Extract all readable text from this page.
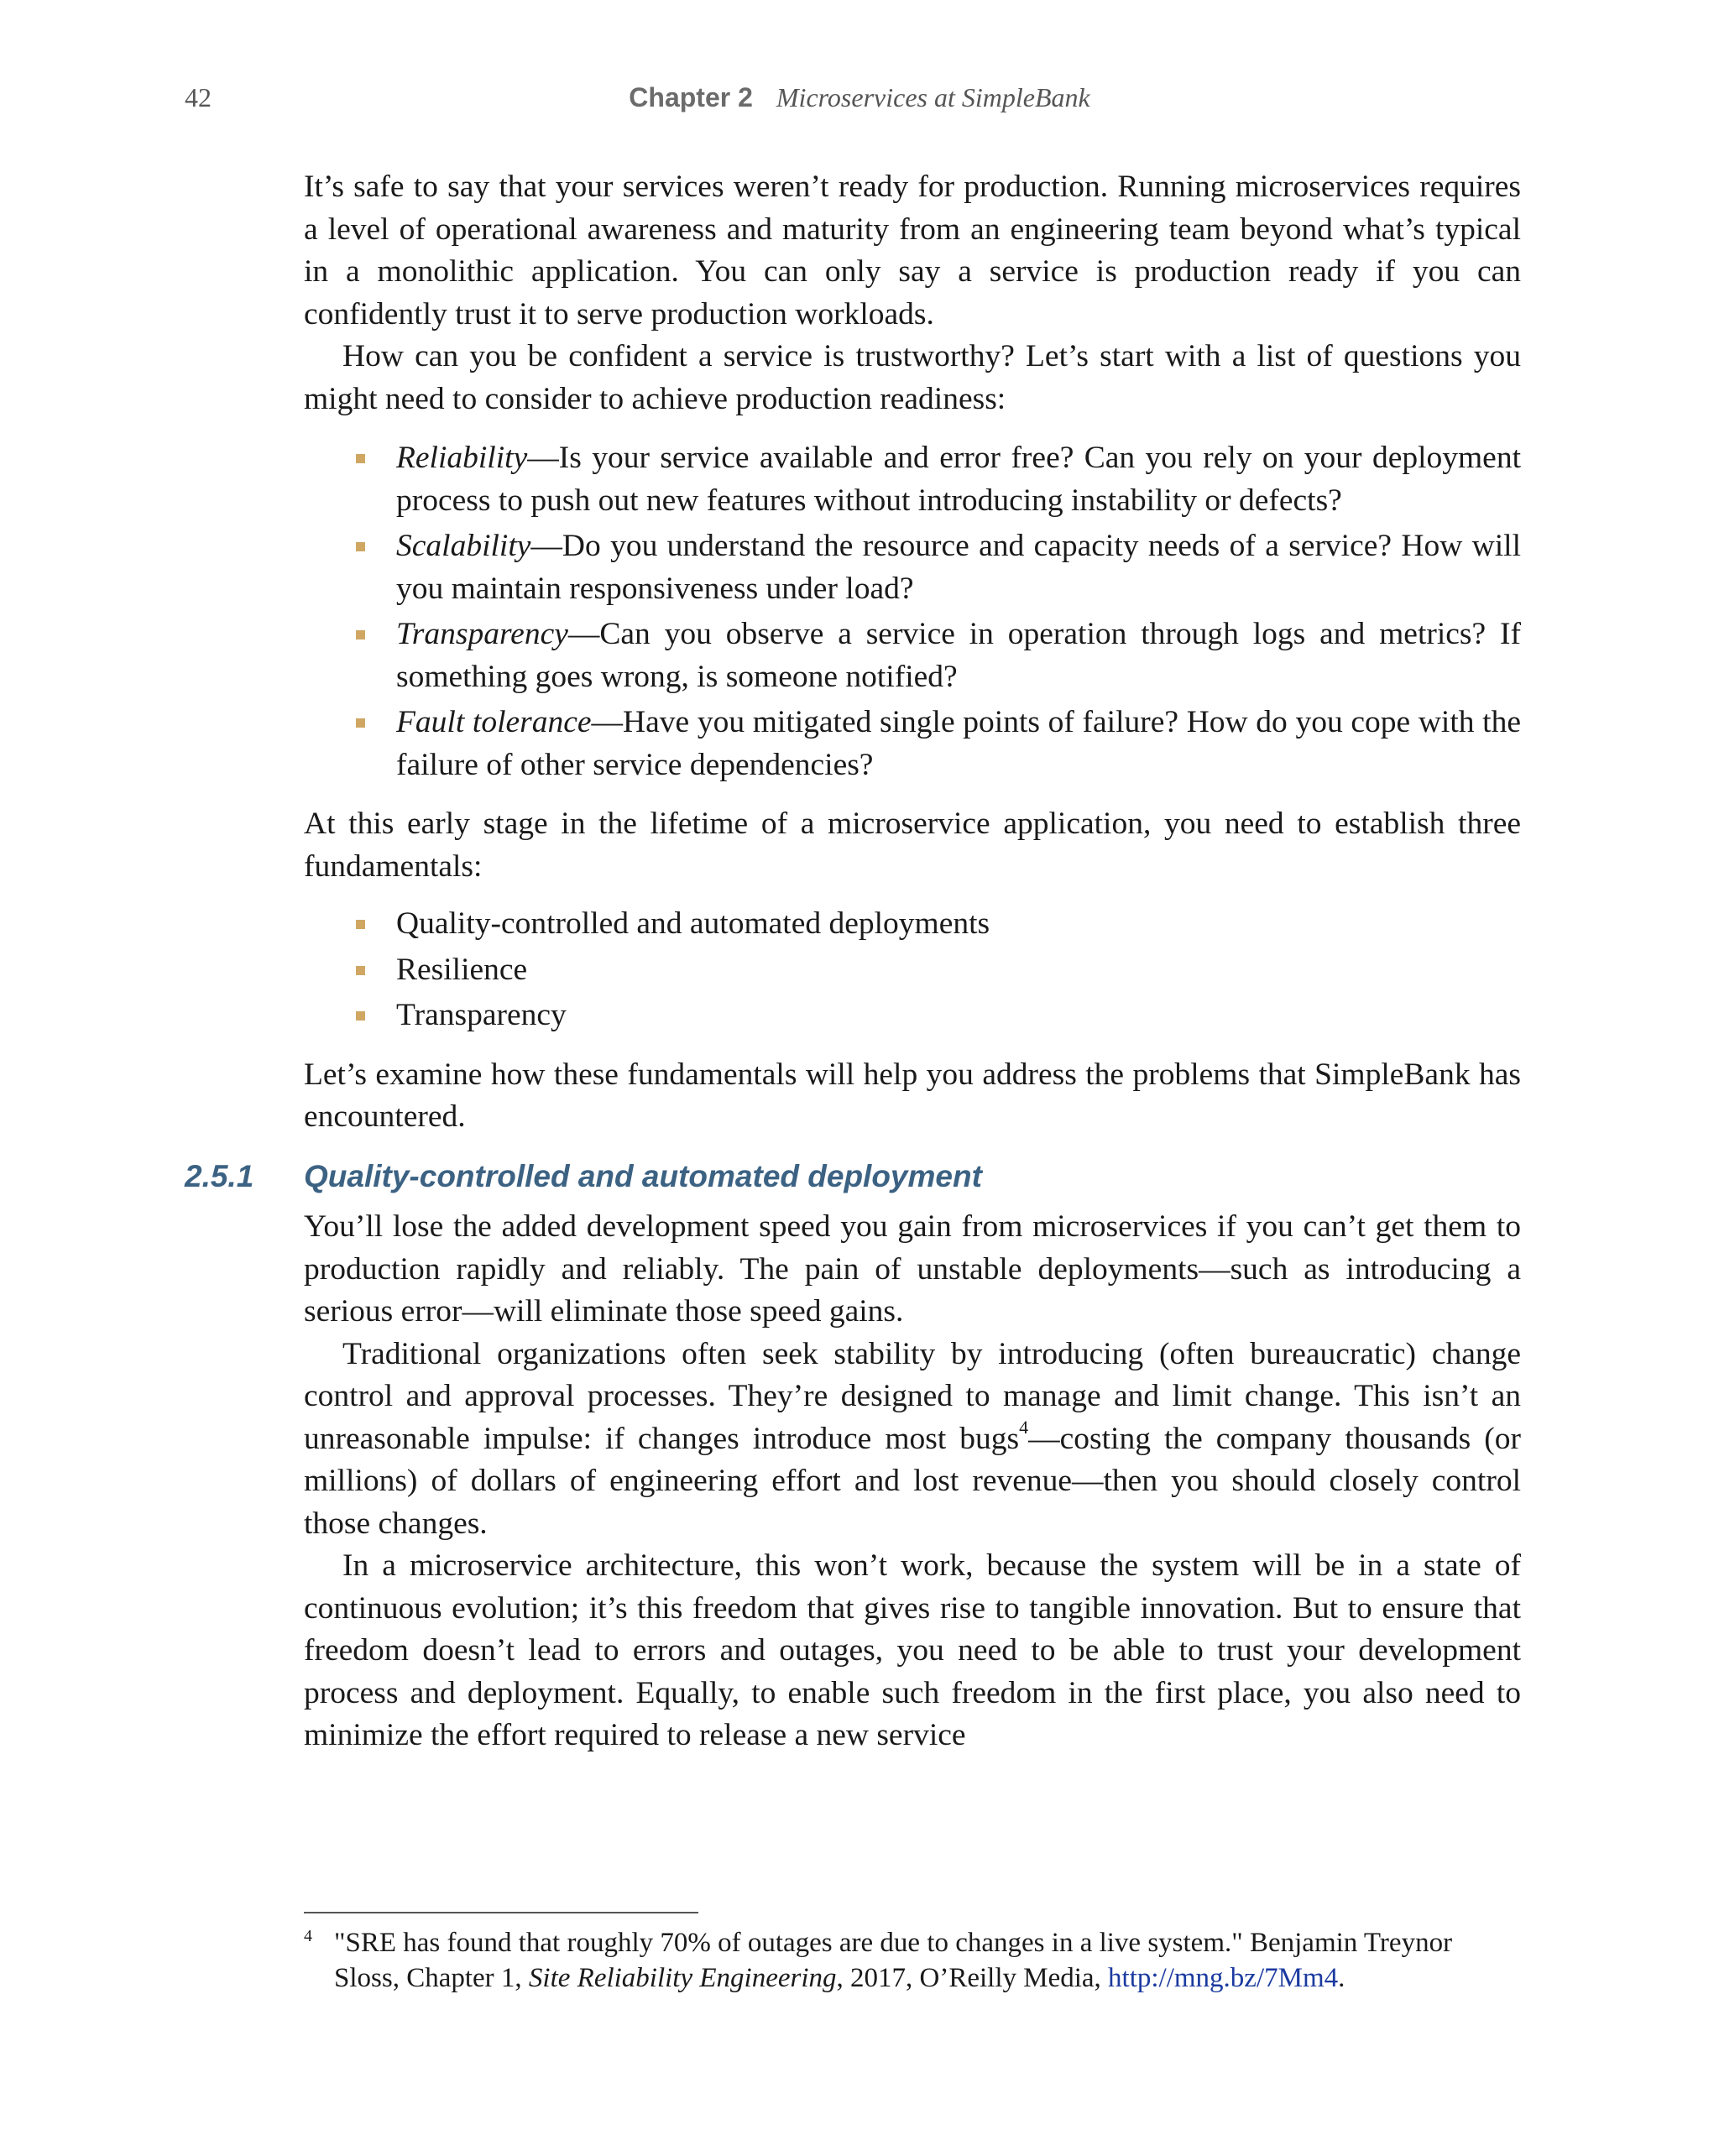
42	Chapter 2 Microservices at SimpleBank

It’s safe to say that your services weren’t ready for production. Running microservices requires a level of operational awareness and maturity from an engineering team beyond what’s typical in a monolithic application. You can only say a service is production ready if you can confidently trust it to serve production workloads.

How can you be confident a service is trustworthy? Let’s start with a list of questions you might need to consider to achieve production readiness:

Reliability—Is your service available and error free? Can you rely on your deployment process to push out new features without introducing instability or defects?
Scalability—Do you understand the resource and capacity needs of a service? How will you maintain responsiveness under load?
Transparency—Can you observe a service in operation through logs and metrics? If something goes wrong, is someone notified?
Fault tolerance—Have you mitigated single points of failure? How do you cope with the failure of other service dependencies?

At this early stage in the lifetime of a microservice application, you need to establish three fundamentals:

Quality-controlled and automated deployments
Resilience
Transparency

Let’s examine how these fundamentals will help you address the problems that SimpleBank has encountered.

2.5.1 Quality-controlled and automated deployment

You’ll lose the added development speed you gain from microservices if you can’t get them to production rapidly and reliably. The pain of unstable deployments—such as introducing a serious error—will eliminate those speed gains.

Traditional organizations often seek stability by introducing (often bureaucratic) change control and approval processes. They’re designed to manage and limit change. This isn’t an unreasonable impulse: if changes introduce most bugs$^4$—costing the company thousands (or millions) of dollars of engineering effort and lost revenue—then you should closely control those changes.

In a microservice architecture, this won’t work, because the system will be in a state of continuous evolution; it’s this freedom that gives rise to tangible innovation. But to ensure that freedom doesn’t lead to errors and outages, you need to be able to trust your development process and deployment. Equally, to enable such freedom in the first place, you also need to minimize the effort required to release a new service

4 "SRE has found that roughly 70% of outages are due to changes in a live system." Benjamin Treynor Sloss, Chapter 1, Site Reliability Engineering, 2017, O’Reilly Media, http://mng.bz/7Mm4.
